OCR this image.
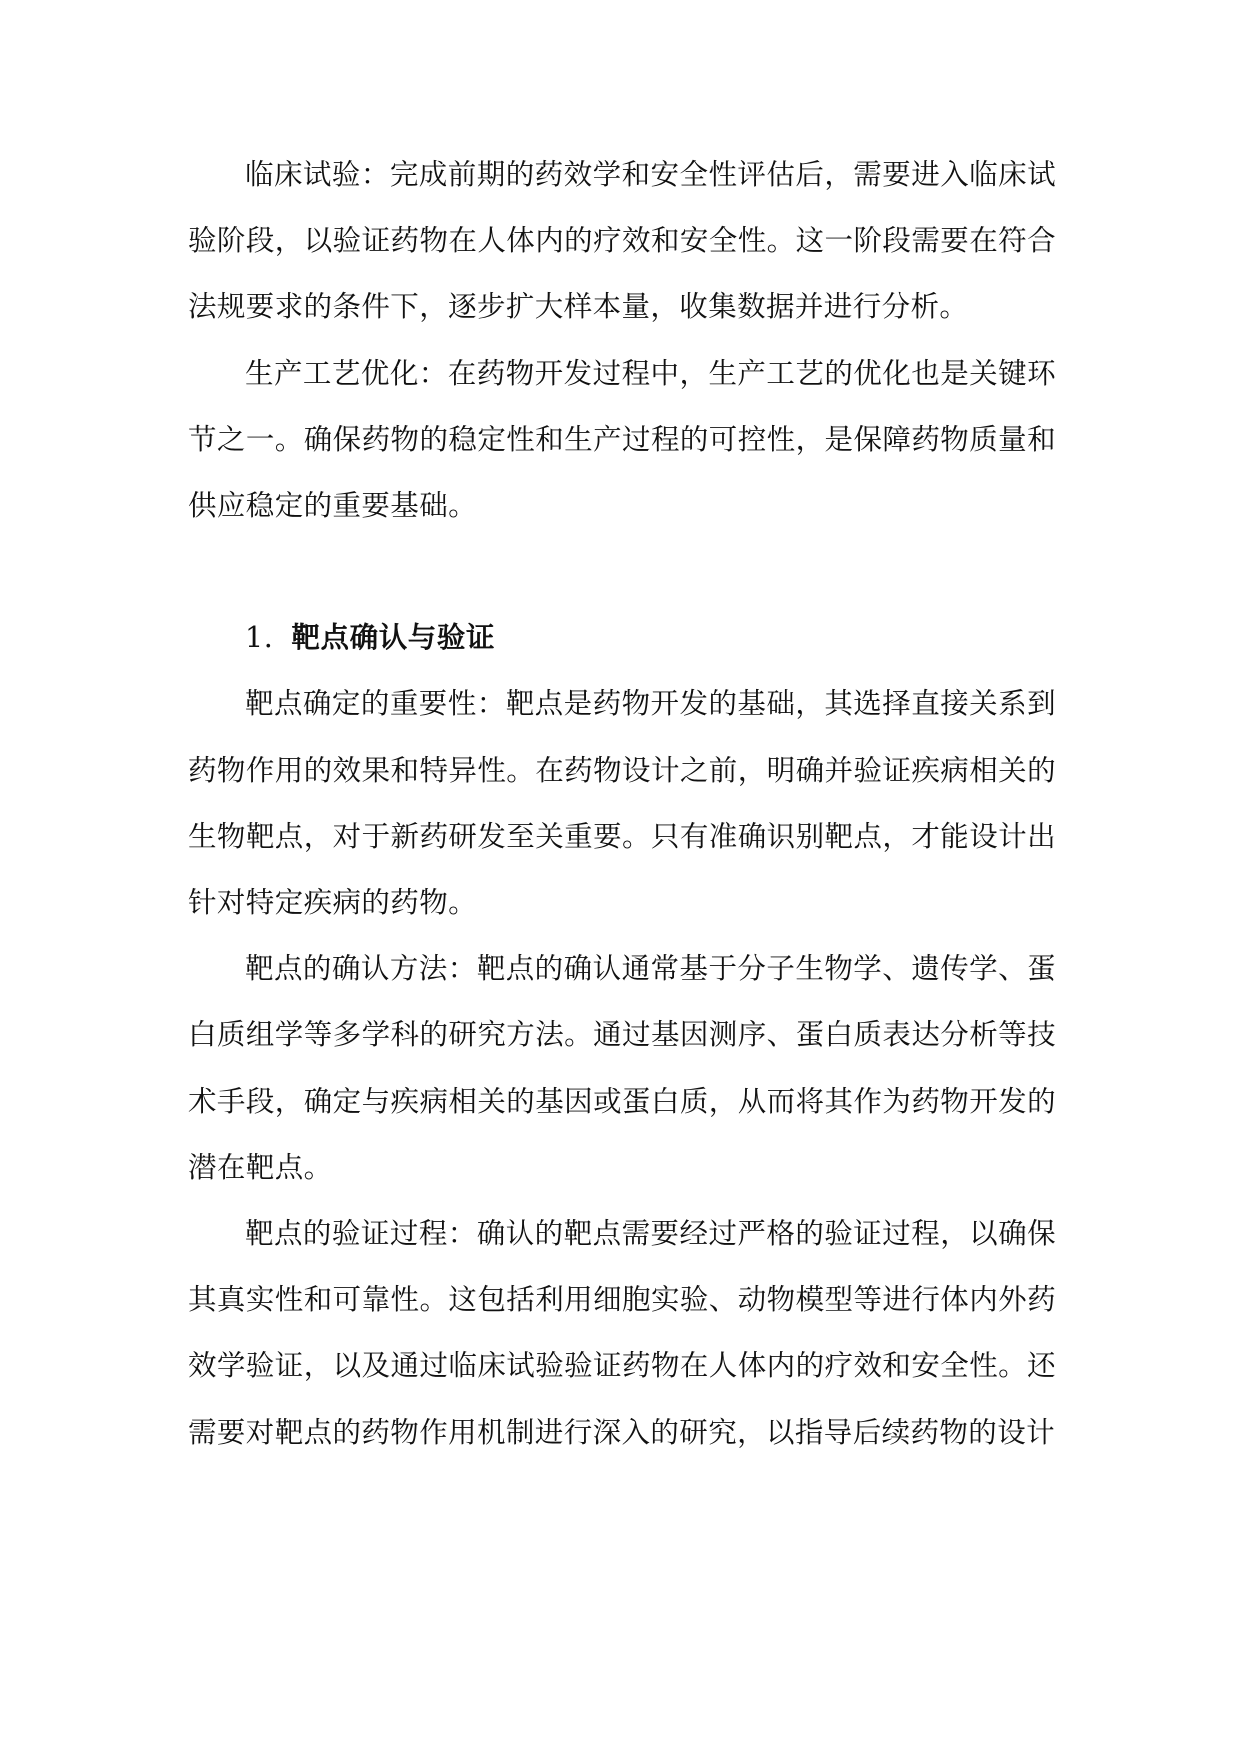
临床试验：完成前期的药效学和安全性评估后，需要进入临床试验阶段，以验证药物在人体内的疗效和安全性。这一阶段需要在符合法规要求的条件下，逐步扩大样本量，收集数据并进行分析。

生产工艺优化：在药物开发过程中，生产工艺的优化也是关键环节之一。确保药物的稳定性和生产过程的可控性，是保障药物质量和供应稳定的重要基础。

1. 靶点确认与验证

靶点确定的重要性：靶点是药物开发的基础，其选择直接关系到药物作用的效果和特异性。在药物设计之前，明确并验证疾病相关的生物靶点，对于新药研发至关重要。只有准确识别靶点，才能设计出针对特定疾病的药物。

靶点的确认方法：靶点的确认通常基于分子生物学、遗传学、蛋白质组学等多学科的研究方法。通过基因测序、蛋白质表达分析等技术手段，确定与疾病相关的基因或蛋白质，从而将其作为药物开发的潜在靶点。

靶点的验证过程：确认的靶点需要经过严格的验证过程，以确保其真实性和可靠性。这包括利用细胞实验、动物模型等进行体内外药效学验证，以及通过临床试验验证药物在人体内的疗效和安全性。还需要对靶点的药物作用机制进行深入的研究，以指导后续药物的设计
